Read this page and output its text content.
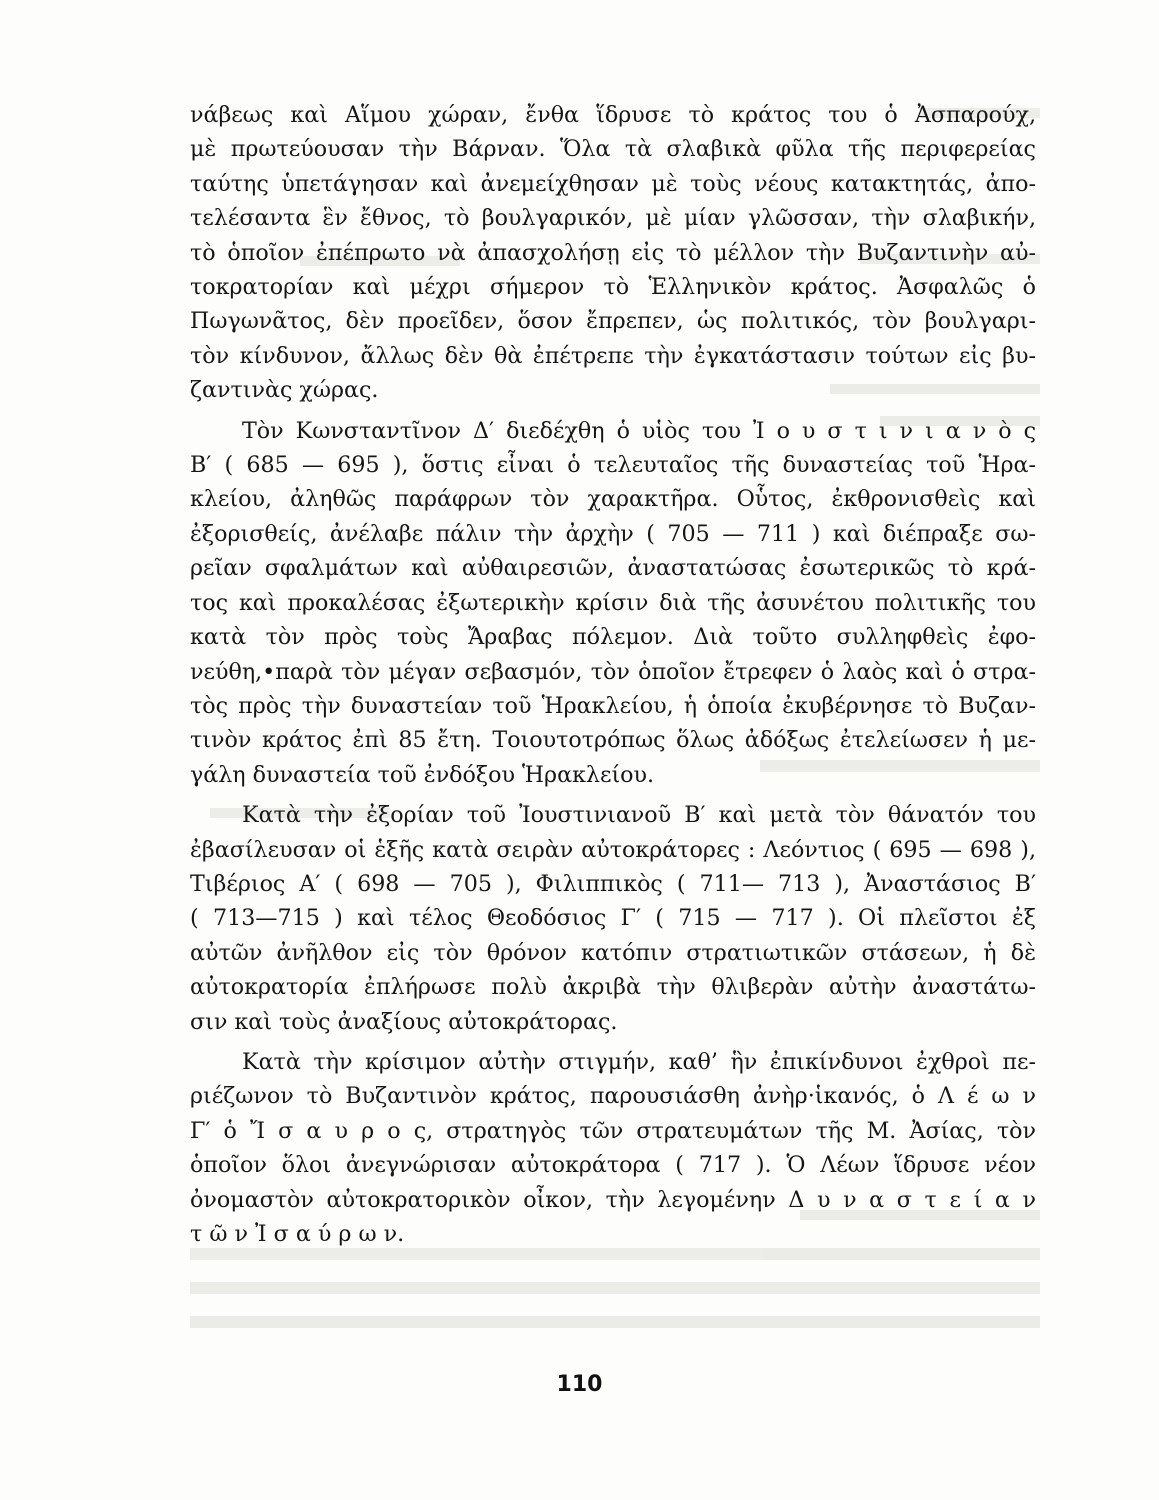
νάβεως καὶ Αἵμου χώραν, ἔνθα ἵδρυσε τὸ κράτος του ὁ Ἀσπαρούχ,
μὲ πρωτεύουσαν τὴν Βάρναν. Ὅλα τὰ σλαβικὰ φῦλα τῆς περιφερείας
ταύτης ὑπετάγησαν καὶ ἀνεμείχθησαν μὲ τοὺς νέους κατακτητάς, ἀπο-
τελέσαντα ἓν ἔθνος, τὸ βουλγαρικόν, μὲ μίαν γλῶσσαν, τὴν σλαβικήν,
τὸ ὁποῖον ἐπέπρωτο νὰ ἀπασχολήσῃ εἰς τὸ μέλλον τὴν Βυζαντινὴν αὐ-
τοκρατορίαν καὶ μέχρι σήμερον τὸ Ἑλληνικὸν κράτος. Ἀσφαλῶς ὁ
Πωγωνᾶτος, δὲν προεῖδεν, ὅσον ἔπρεπεν, ὡς πολιτικός, τὸν βουλγαρι-
τὸν κίνδυνον, ἄλλως δὲν θὰ ἐπέτρεπε τὴν ἐγκατάστασιν τούτων εἰς βυ-
ζαντινὰς χώρας.
Τὸν Κωνσταντῖνον Δ′ διεδέχθη ὁ υἱὸς του Ἰ ο υ σ τ ι ν ι α ν ὸ ς
Β′ ( 685 — 695 ), ὅστις εἶναι ὁ τελευταῖος τῆς δυναστείας τοῦ Ἡρα-
κλείου, ἀληθῶς παράφρων τὸν χαρακτῆρα. Οὗτος, ἐκθρονισθεὶς καὶ
ἐξορισθείς, ἀνέλαβε πάλιν τὴν ἀρχὴν ( 705 — 711 ) καὶ διέπραξε σω-
ρεῖαν σφαλμάτων καὶ αὐθαιρεσιῶν, ἀναστατώσας ἐσωτερικῶς τὸ κρά-
τος καὶ προκαλέσας ἐξωτερικὴν κρίσιν διὰ τῆς ἀσυνέτου πολιτικῆς του
κατὰ τὸν πρὸς τοὺς Ἄραβας πόλεμον. Διὰ τοῦτο συλληφθεὶς ἐφο-
νεύθη,•παρὰ τὸν μέγαν σεβασμόν, τὸν ὁποῖον ἔτρεφεν ὁ λαὸς καὶ ὁ στρα-
τὸς πρὸς τὴν δυναστείαν τοῦ Ἡρακλείου, ἡ ὁποία ἐκυβέρνησε τὸ Βυζαν-
τινὸν κράτος ἐπὶ 85 ἔτη. Τοιουτοτρόπως ὅλως ἀδόξως ἐτελείωσεν ἡ με-
γάλη δυναστεία τοῦ ἐνδόξου Ἡρακλείου.
Κατὰ τὴν ἐξορίαν τοῦ Ἰουστινιανοῦ Β′ καὶ μετὰ τὸν θάνατόν του
ἐβασίλευσαν οἱ ἑξῆς κατὰ σειρὰν αὐτοκράτορες : Λεόντιος ( 695 — 698 ),
Τιβέριος Α′ ( 698 — 705 ), Φιλιππικὸς ( 711— 713 ), Ἀναστάσιος Β′
( 713—715 ) καὶ τέλος Θεοδόσιος Γ′ ( 715 — 717 ). Οἱ πλεῖστοι ἐξ
αὐτῶν ἀνῆλθον εἰς τὸν θρόνον κατόπιν στρατιωτικῶν στάσεων, ἡ δὲ
αὐτοκρατορία ἐπλήρωσε πολὺ ἀκριβὰ τὴν θλιβερὰν αὐτὴν ἀναστάτω-
σιν καὶ τοὺς ἀναξίους αὐτοκράτορας.
Κατὰ τὴν κρίσιμον αὐτὴν στιγμήν, καθ’ ἣν ἐπικίνδυνοι ἐχθροὶ πε-
ριέζωνον τὸ Βυζαντινὸν κράτος, παρουσιάσθη ἀνὴρ·ἱκανός, ὁ Λ έ ω ν
Γ′ ὁ Ἴ σ α υ ρ ο ς, στρατηγὸς τῶν στρατευμάτων τῆς Μ. Ἀσίας, τὸν
ὁποῖον ὅλοι ἀνεγνώρισαν αὐτοκράτορα ( 717 ). Ὁ Λέων ἵδρυσε νέον
ὀνομαστὸν αὐτοκρατορικὸν οἶκον, τὴν λεγομένην Δ υ ν α σ τ ε ί α ν
τ ῶ ν Ἰ σ α ύ ρ ω ν.
110
